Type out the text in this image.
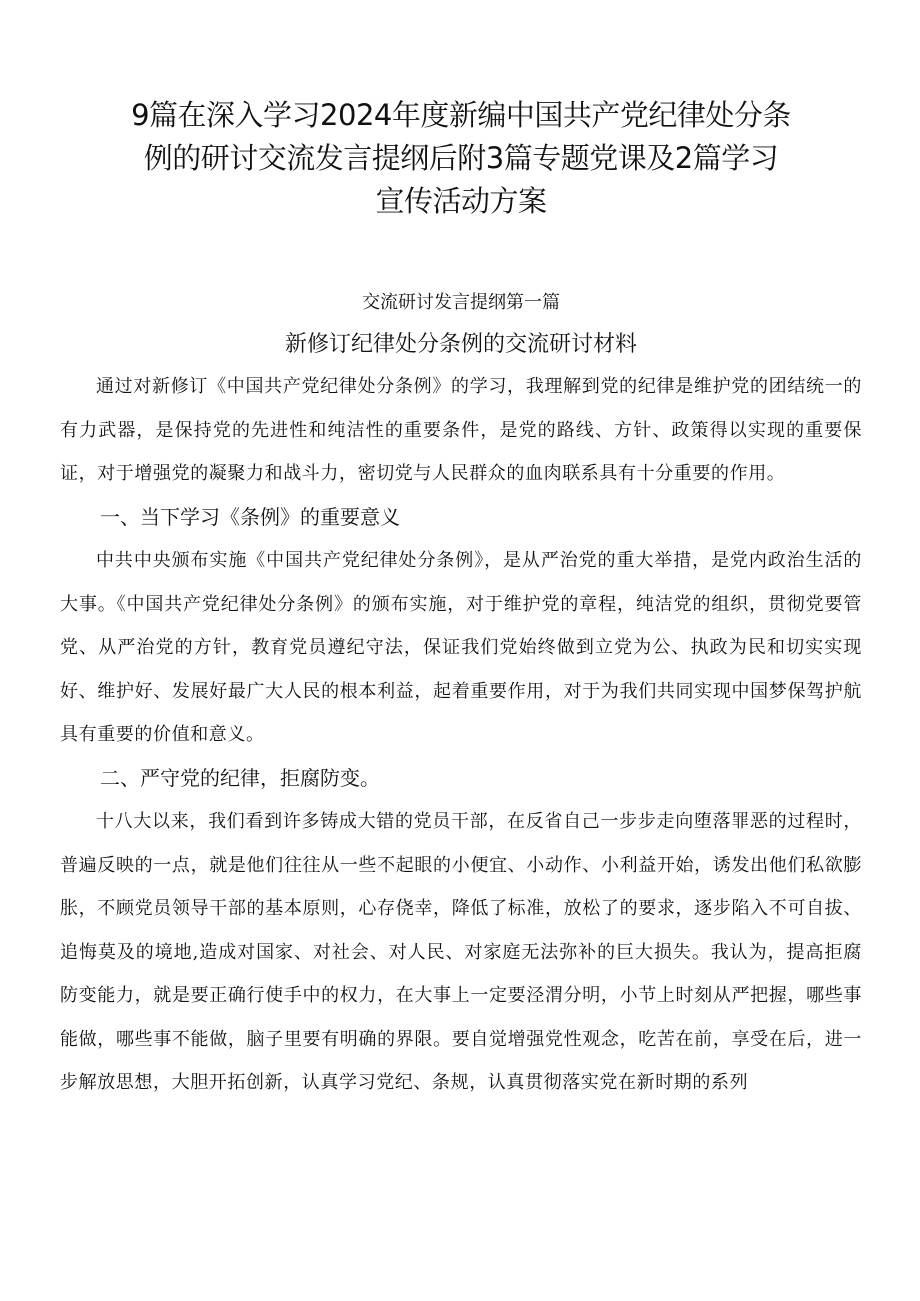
9篇在深入学习2024年度新编中国共产党纪律处分条例的研讨交流发言提纲后附3篇专题党课及2篇学习宣传活动方案
交流研讨发言提纲第一篇
新修订纪律处分条例的交流研讨材料

通过对新修订《中国共产党纪律处分条例》的学习，我理解到党的纪律是维护党的团结统一的有力武器，是保持党的先进性和纯洁性的重要条件，是党的路线、方针、政策得以实现的重要保证，对于增强党的凝聚力和战斗力，密切党与人民群众的血肉联系具有十分重要的作用。

一、当下学习《条例》的重要意义

中共中央颁布实施《中国共产党纪律处分条例》，是从严治党的重大举措，是党内政治生活的大事。《中国共产党纪律处分条例》的颁布实施，对于维护党的章程，纯洁党的组织，贯彻党要管党、从严治党的方针，教育党员遵纪守法，保证我们党始终做到立党为公、执政为民和切实实现好、维护好、发展好最广大人民的根本利益，起着重要作用，对于为我们共同实现中国梦保驾护航具有重要的价值和意义。

二、严守党的纪律，拒腐防变。

十八大以来，我们看到许多铸成大错的党员干部，在反省自己一步步走向堕落罪恶的过程时，普遍反映的一点，就是他们往往从一些不起眼的小便宜、小动作、小利益开始，诱发出他们私欲膨胀，不顾党员领导干部的基本原则，心存侥幸，降低了标准，放松了的要求，逐步陷入不可自拔、追悔莫及的境地,造成对国家、对社会、对人民、对家庭无法弥补的巨大损失。我认为，提高拒腐防变能力，就是要正确行使手中的权力，在大事上一定要泾渭分明，小节上时刻从严把握，哪些事能做，哪些事不能做，脑子里要有明确的界限。要自觉增强党性观念，吃苦在前，享受在后，进一步解放思想，大胆开拓创新，认真学习党纪、条规，认真贯彻落实党在新时期的系列
